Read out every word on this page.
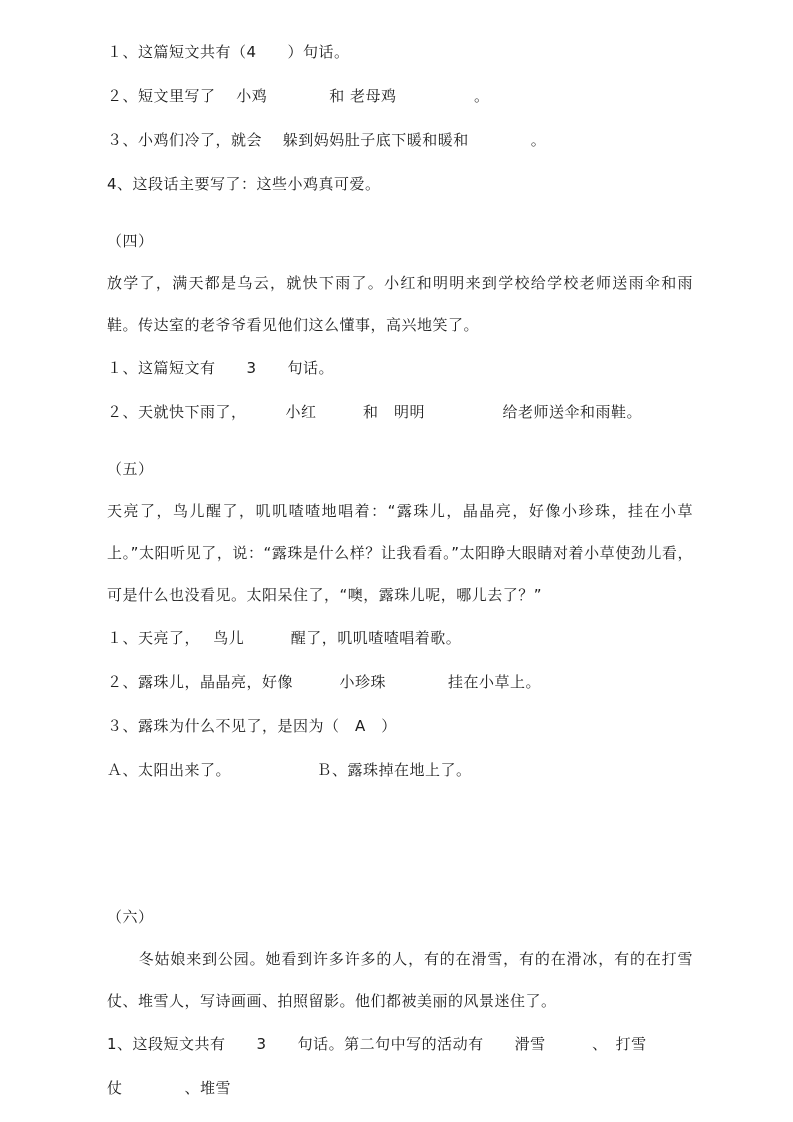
１、这篇短文共有（4　　）句话。
２、短文里写了　 小鸡　　　　和 老母鸡　　　　　。
３、小鸡们冷了，就会　 躲到妈妈肚子底下暖和暖和　　　　。
4、这段话主要写了：这些小鸡真可爱。
（四）
放学了，满天都是乌云，就快下雨了。小红和明明来到学校给学校老师送雨伞和雨鞋。传达室的老爷爷看见他们这么懂事，高兴地笑了。
１、这篇短文有　　3　　句话。
２、天就快下雨了，　　　小红　　　和　明明　　　　　给老师送伞和雨鞋。
（五）
天亮了，鸟儿醒了，叽叽喳喳地唱着：“露珠儿，晶晶亮，好像小珍珠，挂在小草上。”太阳听见了，说：“露珠是什么样？让我看看。”太阳睁大眼睛对着小草使劲儿看，可是什么也没看见。太阳呆住了，“噢，露珠儿呢，哪儿去了？”
１、天亮了，　 鸟儿　　　醒了，叽叽喳喳唱着歌。
２、露珠儿，晶晶亮，好像　　　小珍珠　　　　挂在小草上。
３、露珠为什么不见了，是因为（　A　）
Ａ、太阳出来了。　　　　　　Ｂ、露珠掉在地上了。
（六）
　　冬姑娘来到公园。她看到许多许多的人，有的在滑雪，有的在滑冰，有的在打雪仗、堆雪人，写诗画画、拍照留影。他们都被美丽的风景迷住了。
1、这段短文共有　　3　　句话。第二句中写的活动有　　滑雪　　　、　打雪仗　　　　、堆雪
